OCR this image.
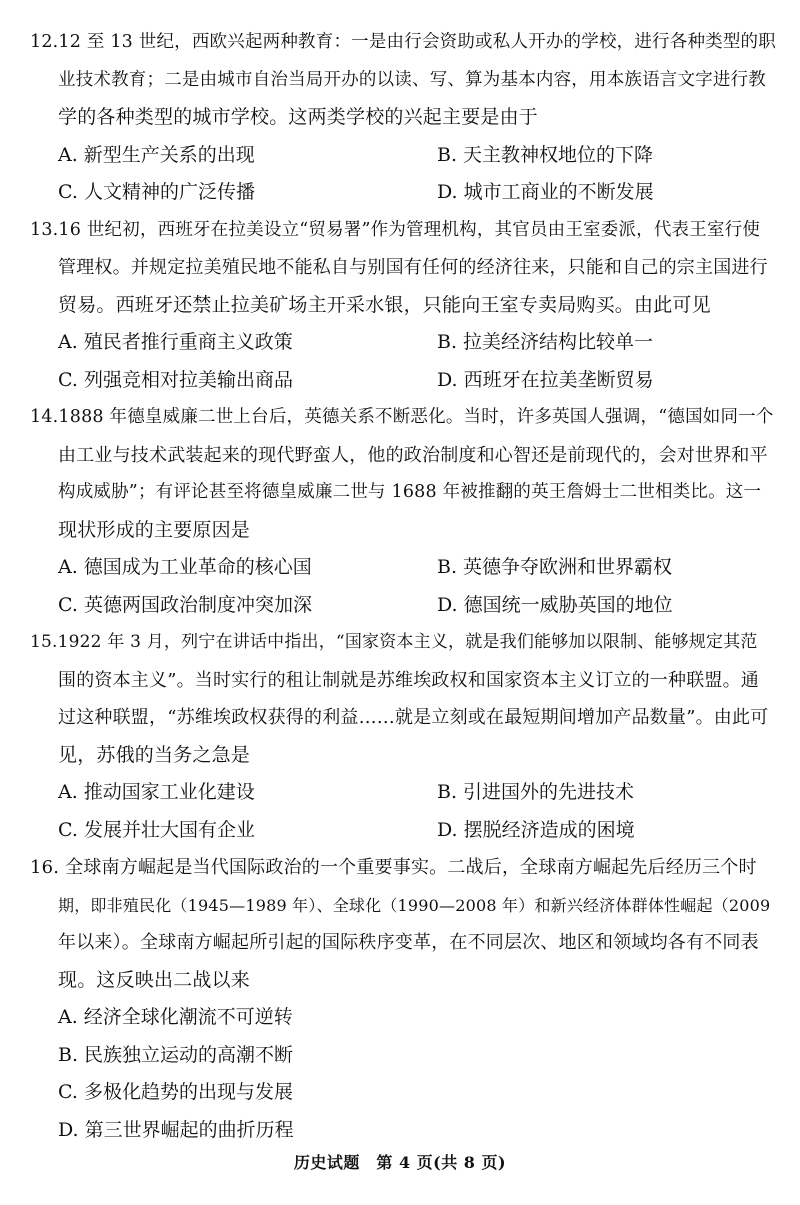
12.12 至 13 世纪，西欧兴起两种教育：一是由行会资助或私人开办的学校，进行各种类型的职
业技术教育；二是由城市自治当局开办的以读、写、算为基本内容，用本族语言文字进行教
学的各种类型的城市学校。这两类学校的兴起主要是由于
A. 新型生产关系的出现	B. 天主教神权地位的下降
C. 人文精神的广泛传播	D. 城市工商业的不断发展
13.16 世纪初，西班牙在拉美设立“贸易署”作为管理机构，其官员由王室委派，代表王室行使
管理权。并规定拉美殖民地不能私自与别国有任何的经济往来，只能和自己的宗主国进行
贸易。西班牙还禁止拉美矿场主开采水银，只能向王室专卖局购买。由此可见
A. 殖民者推行重商主义政策	B. 拉美经济结构比较单一
C. 列强竞相对拉美输出商品	D. 西班牙在拉美垄断贸易
14.1888 年德皇威廉二世上台后，英德关系不断恶化。当时，许多英国人强调，“德国如同一个
由工业与技术武装起来的现代野蛮人，他的政治制度和心智还是前现代的，会对世界和平
构成威胁”；有评论甚至将德皇威廉二世与 1688 年被推翻的英王詹姆士二世相类比。这一
现状形成的主要原因是
A. 德国成为工业革命的核心国	B. 英德争夺欧洲和世界霸权
C. 英德两国政治制度冲突加深	D. 德国统一威胁英国的地位
15.1922 年 3 月，列宁在讲话中指出，“国家资本主义，就是我们能够加以限制、能够规定其范
围的资本主义”。当时实行的租让制就是苏维埃政权和国家资本主义订立的一种联盟。通
过这种联盟，“苏维埃政权获得的利益……就是立刻或在最短期间增加产品数量”。由此可
见，苏俄的当务之急是
A. 推动国家工业化建设	B. 引进国外的先进技术
C. 发展并壮大国有企业	D. 摆脱经济造成的困境
16. 全球南方崛起是当代国际政治的一个重要事实。二战后，全球南方崛起先后经历三个时
期，即非殖民化（1945—1989 年）、全球化（1990—2008 年）和新兴经济体群体性崛起（2009
年以来）。全球南方崛起所引起的国际秩序变革，在不同层次、地区和领域均各有不同表
现。这反映出二战以来
A. 经济全球化潮流不可逆转
B. 民族独立运动的高潮不断
C. 多极化趋势的出现与发展
D. 第三世界崛起的曲折历程
历史试题　第 4 页(共 8 页)
